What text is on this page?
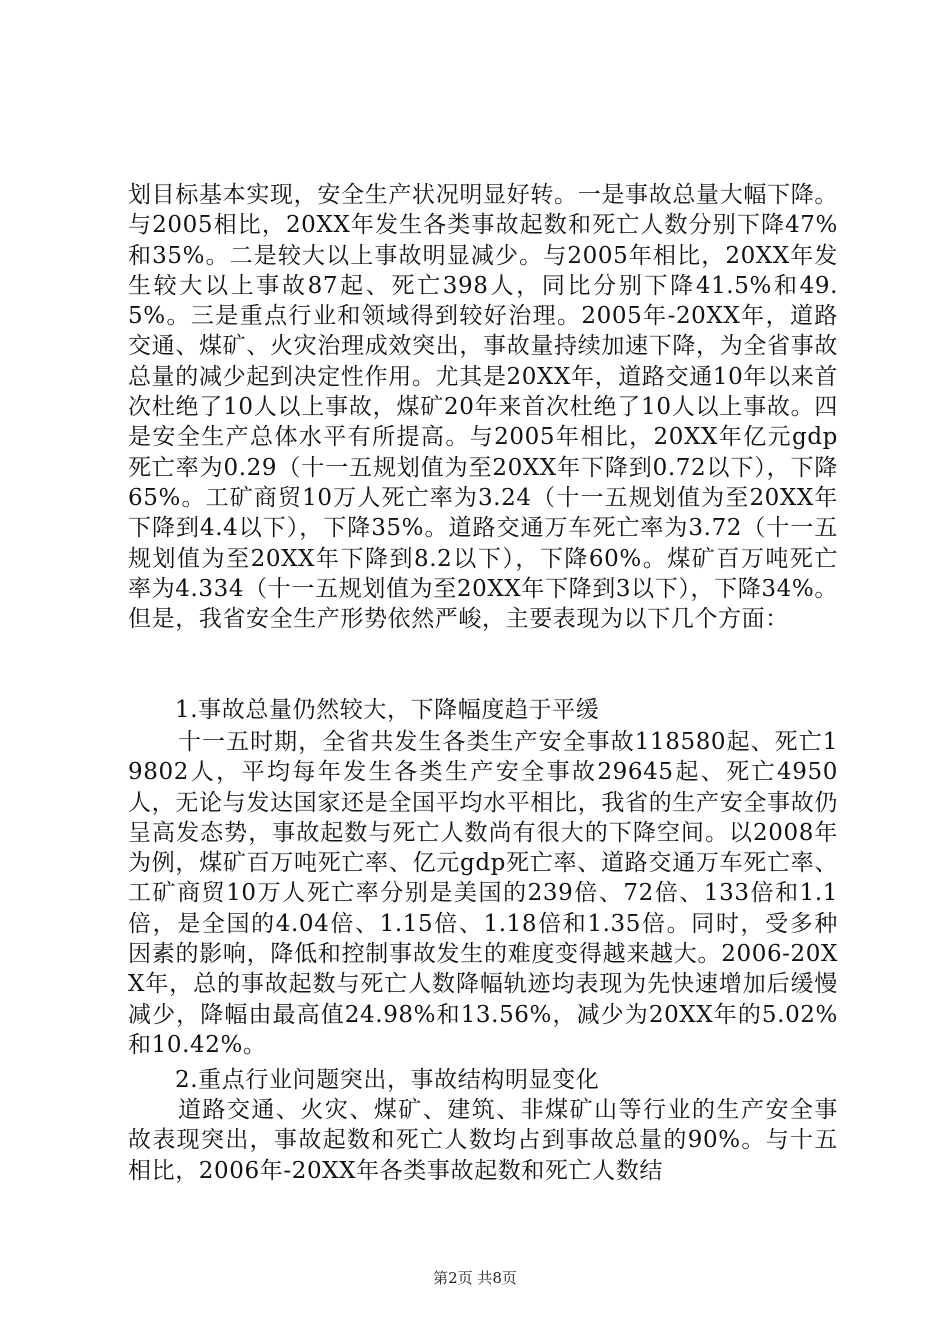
划目标基本实现，安全生产状况明显好转。一是事故总量大幅下降。与2005相比，20XX年发生各类事故起数和死亡人数分别下降47%和35%。二是较大以上事故明显减少。与2005年相比，20XX年发生较大以上事故87起、死亡398人，同比分别下降41.5%和49.5%。三是重点行业和领域得到较好治理。2005年-20XX年，道路交通、煤矿、火灾治理成效突出，事故量持续加速下降，为全省事故总量的减少起到决定性作用。尤其是20XX年，道路交通10年以来首次杜绝了10人以上事故，煤矿20年来首次杜绝了10人以上事故。四是安全生产总体水平有所提高。与2005年相比，20XX年亿元gdp死亡率为0.29（十一五规划值为至20XX年下降到0.72以下），下降65%。工矿商贸10万人死亡率为3.24（十一五规划值为至20XX年下降到4.4以下），下降35%。道路交通万车死亡率为3.72（十一五规划值为至20XX年下降到8.2以下），下降60%。煤矿百万吨死亡率为4.334（十一五规划值为至20XX年下降到3以下），下降34%。但是，我省安全生产形势依然严峻，主要表现为以下几个方面：

1.事故总量仍然较大，下降幅度趋于平缓

十一五时期，全省共发生各类生产安全事故118580起、死亡19802人，平均每年发生各类生产安全事故29645起、死亡4950人，无论与发达国家还是全国平均水平相比，我省的生产安全事故仍呈高发态势，事故起数与死亡人数尚有很大的下降空间。以2008年为例，煤矿百万吨死亡率、亿元gdp死亡率、道路交通万车死亡率、工矿商贸10万人死亡率分别是美国的239倍、72倍、133倍和1.1倍，是全国的4.04倍、1.15倍、1.18倍和1.35倍。同时，受多种因素的影响，降低和控制事故发生的难度变得越来越大。2006-20XX年，总的事故起数与死亡人数降幅轨迹均表现为先快速增加后缓慢减少，降幅由最高值24.98%和13.56%，减少为20XX年的5.02%和10.42%。

2.重点行业问题突出，事故结构明显变化

道路交通、火灾、煤矿、建筑、非煤矿山等行业的生产安全事故表现突出，事故起数和死亡人数均占到事故总量的90%。与十五相比，2006年-20XX年各类事故起数和死亡人数结

第2页 共8页
